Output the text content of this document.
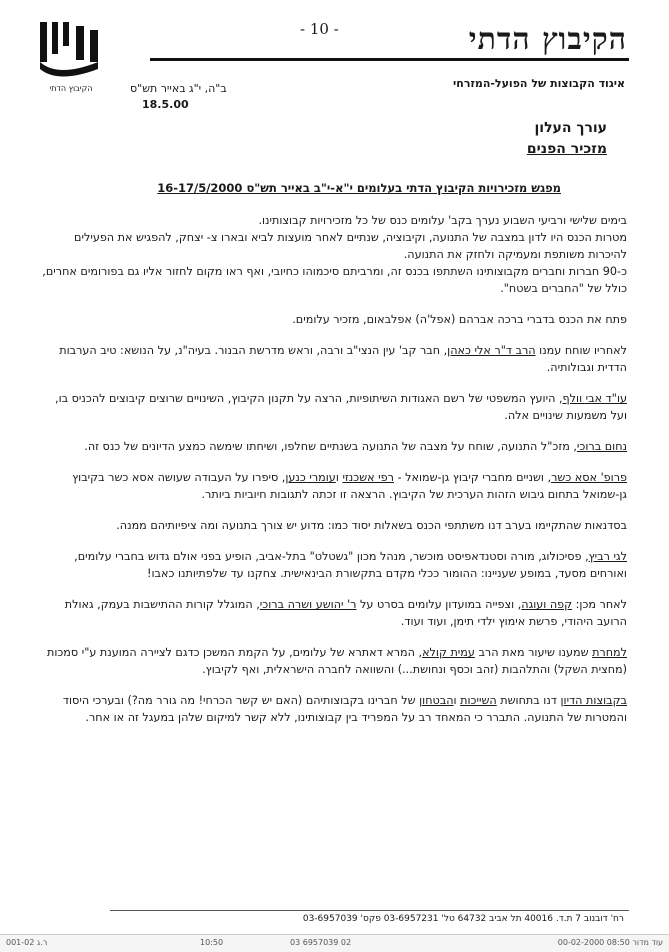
- 10 -	הקיבוץ הדתי
איגוד הקבוצות של הפועל-המזרחי
הקיבוץ הדתי	ב"ה, י"ג באייר תש"ס
18.5.00
עורך העלון
מזכיר הפנים
מפגש מזכירויות הקיבוץ הדתי בעלומים י"א-י"ב באייר תש"ס 16-17/5/2000
בימים שלישי ורביעי השבוע נערך בקב' עלומים כנס של כל מזכירויות קבוצותינו.
מטרות הכנס היו לדון במצבה של התנועה, וקיבוציה, שנתיים לאחר מועצות לביא ובארו צ- יצחק, להפגיש את הפעילים להיכרות משותפת ומעמיקה ולחזק את התנועה.
כ-90 חברות וחברים מקבוצותינו השתתפו בכנס זה, ומרביתם סיכמוהו כחיובי, ואף ראו מקום לחזור אליו גם בפורומים אחרים, כולל של "החברים בשטח".
פתח את הכנס בדברי ברכה אברהם (אפל'ה) אפלבאום, מזכיר עלומים.
לאחריו שוחח עמנו הרב ד"ר אלי כאהן, חבר קב' עין הנצי"ב ורבה, וראש מדרשת הבנור. בעיה"נ, על הנושא: טיב הערבות הדדית וגבולותיה.
עו"ד אבי וולף, היועץ המשפטי של רשם האגודות השיתופיות, הרצה על תקנון הקיבוץ, השינויים שרוצים קיבוצים להכניס בו, ועל משמעות שינויים אלה.
נחום ברוכי, מזכ"ל התנועה, שוחח על מצבה של התנועה בשנתיים שחלפו, ושיחתו שימשה כמצע הדיונים של כנס זה.
פרופ' אסא כשר, ושניים מחברי קיבוץ גן-שמואל - רפי אשכנזי ועומרי כנען, סיפרו על העבודה שעושה אסא כשר בקיבוץ גן-שמואל בתחום גיבוש הזהות הערכית של הקיבוץ. הרצאה זו זכתה לתגובות חיוביות ביותר.
בסדנאות שהתקיימו בערב דנו משתתפי הכנס בשאלות יסוד כמו: מדוע יש צורך בתנועה ומה ציפיותיהם ממנה.
לגי רביץ, פסיכולוג, מורה וסטנדאפיסט מוכשר, מנהל מכון "גשטלט" בתל-אביב, הופיע בפני אולם גדוש בחברי עלומים, ואורחים מסעד, במופע שעניינו: ההומור ככלי מקדם בתקשורת הבינאישית. צחקנו עד שלפתיותנו כאבו!
לאחר מכן: קפה ועוגה, וצפייה במועדון עלומים בסרט על ר' יהושע ושרה ברוכי, המוגלל קורות ההתישבות בעמק, גאולת הרועב היהודי, פרשת אימוץ ילדי תימן, ועוד ועוד.
למחרת שמענו שיעור מאת הרב עמית קולא, המרא דאתרא של עלומים, על הקמת המשכן כדגם לציירה המוענת ע"י סמכות (מחצית השקל) והתלהבות (זהב וכסף ונחושת...) והשוואה לחברה הישראלית, ואף לקיבוץ.
בקבוצות הדיון דנו בתחושת השייכות והבטחון של חברינו בקבוצותיהם (האם יש קשר הכרחי! מה גורר מה?) ובערכי היסוד והמטרות של התנועה. התברר כי המאחד רב על המפריד בין קבוצותינו, ללא קשר למיקום שלהן במעגל זה או אחר.
רח' דובנוב 7 ת.ד. 40016 תל אביב 64732 טל' 03-6957231 פקס' 03-6957039
ר.ג 001-02	10:50	03 6957039 02	00-02-2000 08:50 עוד מדור
